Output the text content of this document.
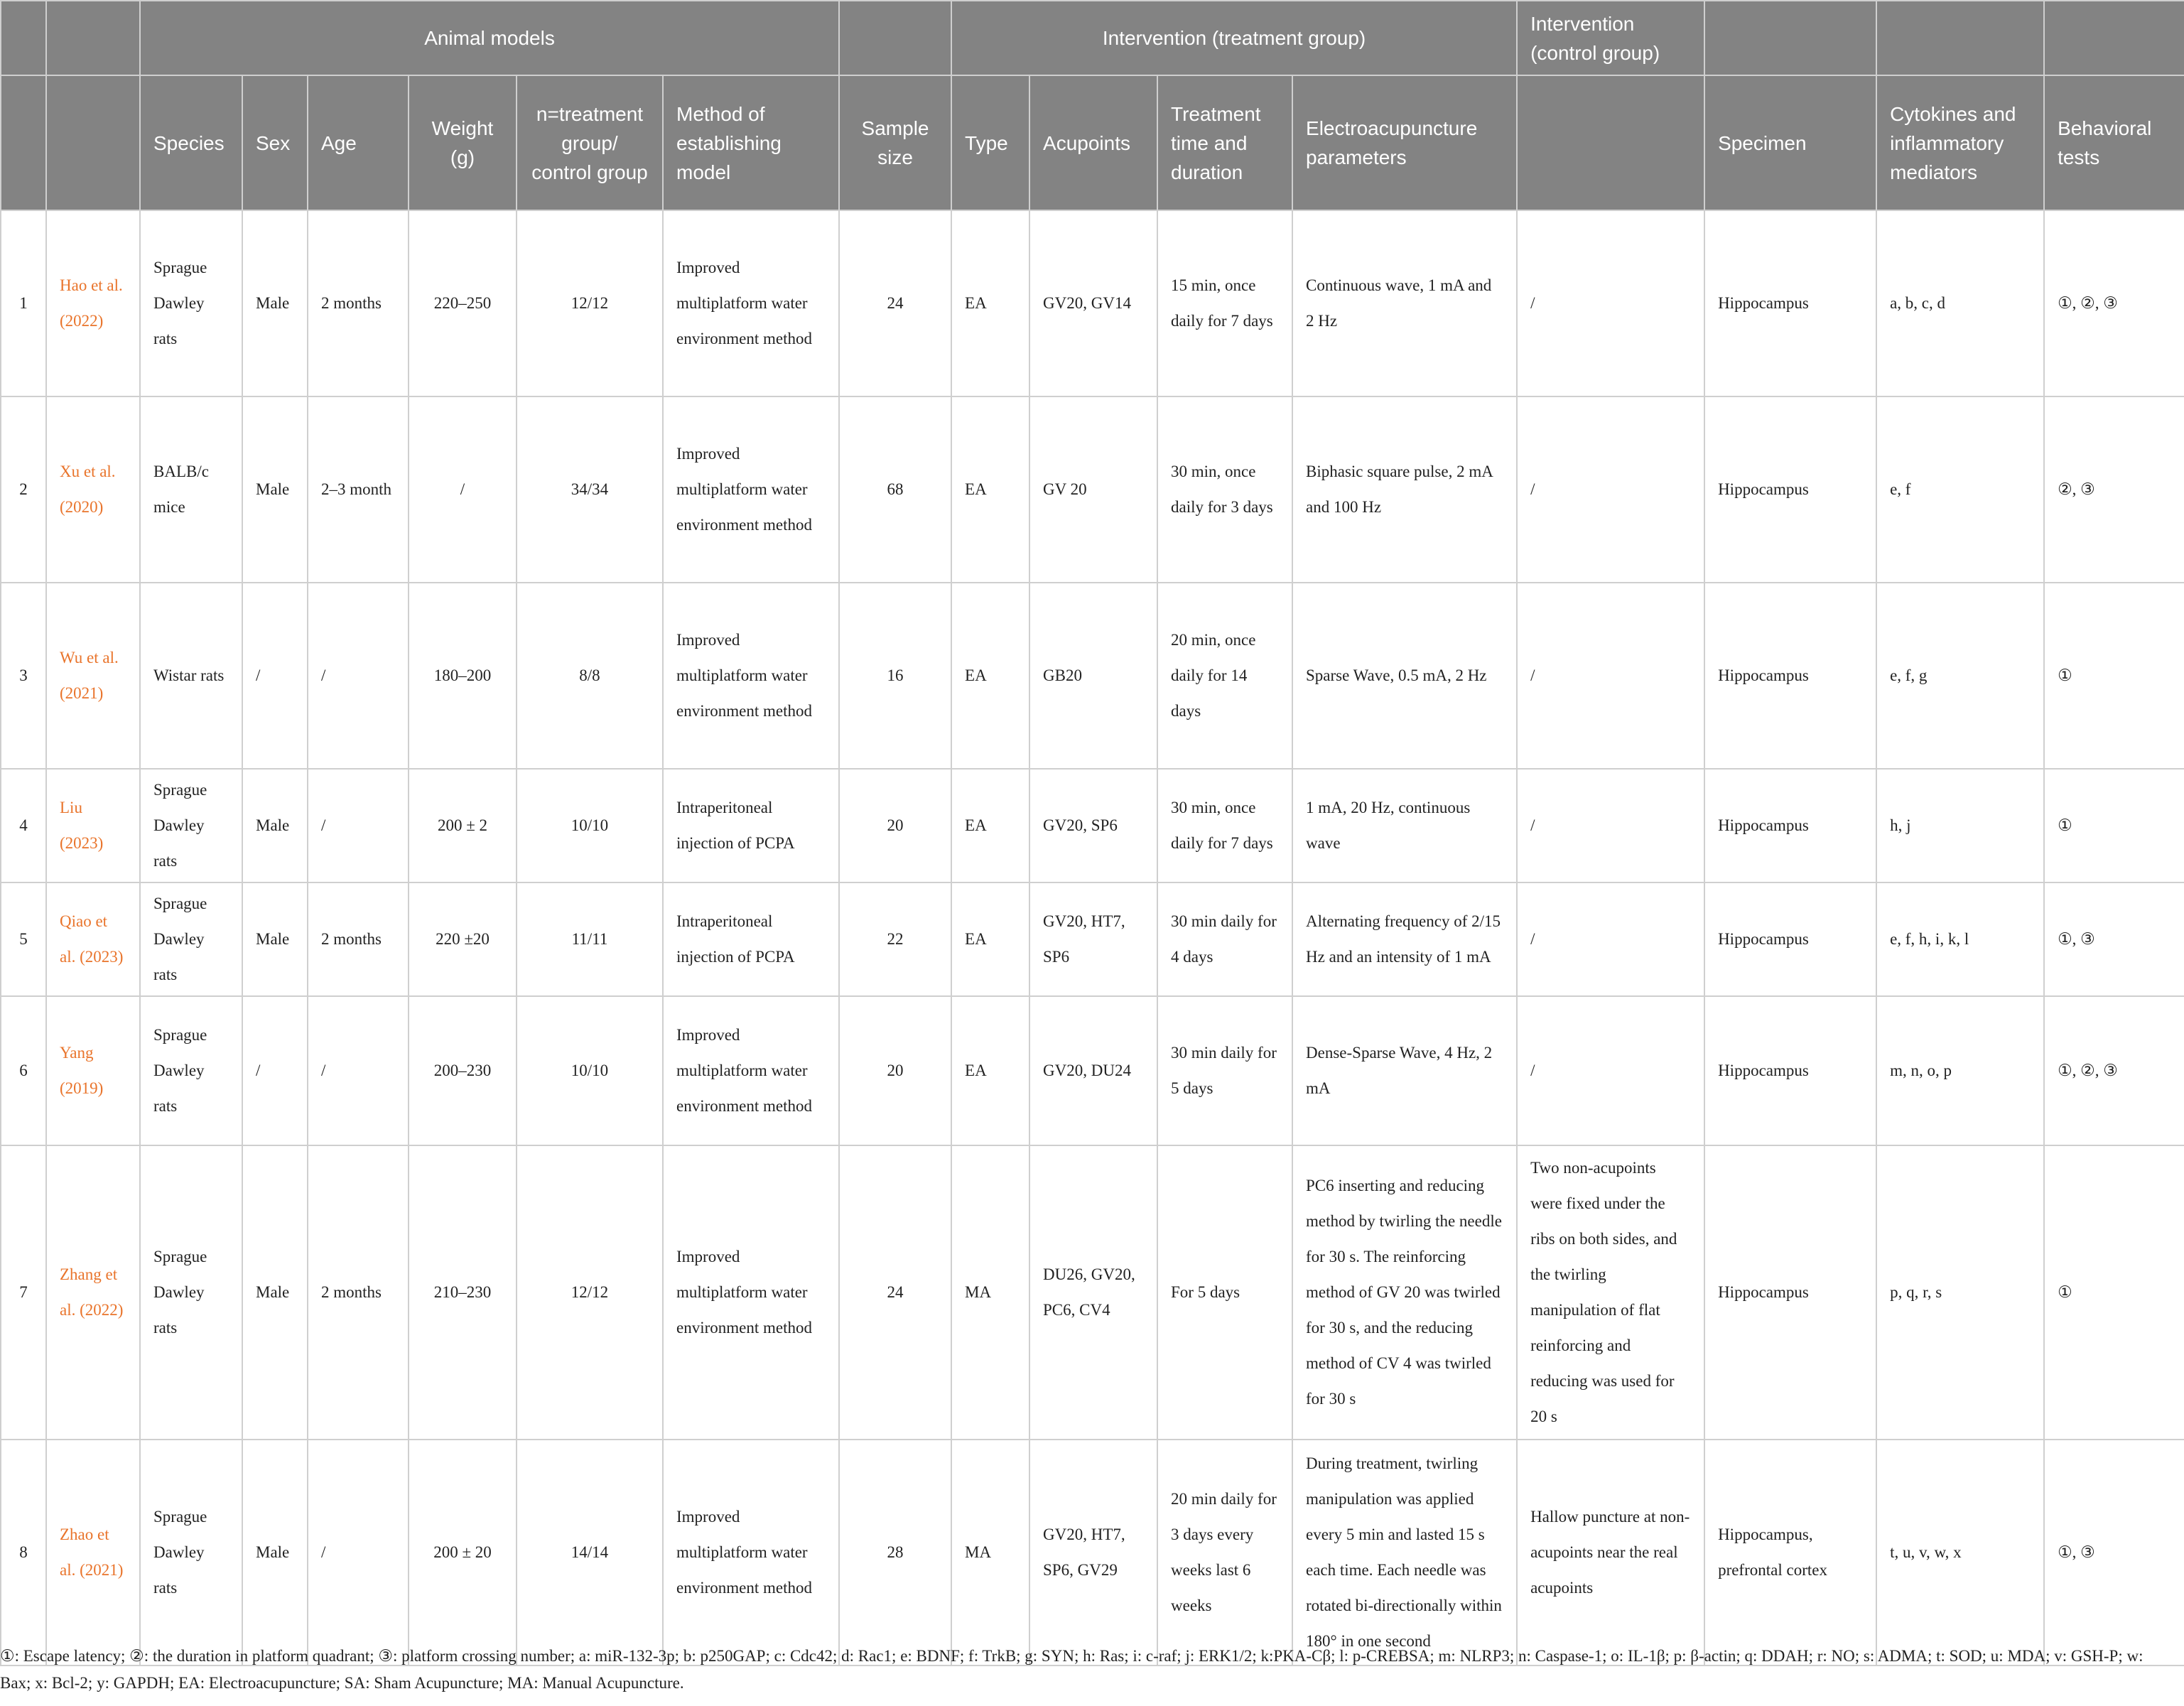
		Animal models							Intervention (treatment group)				Intervention (control group)			
		Species	Sex	Age	Weight (g)	n=treatment group/ control group	Method of establishing model	Sample size	Type	Acupoints	Treatment time and duration	Electroacupuncture parameters		Specimen	Cytokines and inflammatory mediators	Behavioral tests
1	Hao et al. (2022)	Sprague Dawley rats	Male	2 months	220–250	12/12	Improved multiplatform water environment method	24	EA	GV20, GV14	15 min, once daily for 7 days	Continuous wave, 1 mA and 2 Hz	/	Hippocampus	a, b, c, d	①, ②, ③
2	Xu et al. (2020)	BALB/c mice	Male	2–3 month	/	34/34	Improved multiplatform water environment method	68	EA	GV 20	30 min, once daily for 3 days	Biphasic square pulse, 2 mA and 100 Hz	/	Hippocampus	e, f	②, ③
3	Wu et al. (2021)	Wistar rats	/	/	180–200	8/8	Improved multiplatform water environment method	16	EA	GB20	20 min, once daily for 14 days	Sparse Wave, 0.5 mA, 2 Hz	/	Hippocampus	e, f, g	①
4	Liu (2023)	Sprague Dawley rats	Male	/	200 ± 2	10/10	Intraperitoneal injection of PCPA	20	EA	GV20, SP6	30 min, once daily for 7 days	1 mA, 20 Hz, continuous wave	/	Hippocampus	h, j	①
5	Qiao et al. (2023)	Sprague Dawley rats	Male	2 months	220 ±20	11/11	Intraperitoneal injection of PCPA	22	EA	GV20, HT7, SP6	30 min daily for 4 days	Alternating frequency of 2/15 Hz and an intensity of 1 mA	/	Hippocampus	e, f, h, i, k, l	①, ③
6	Yang (2019)	Sprague Dawley rats	/	/	200–230	10/10	Improved multiplatform water environment method	20	EA	GV20, DU24	30 min daily for 5 days	Dense-Sparse Wave, 4 Hz, 2 mA	/	Hippocampus	m, n, o, p	①, ②, ③
7	Zhang et al. (2022)	Sprague Dawley rats	Male	2 months	210–230	12/12	Improved multiplatform water environment method	24	MA	DU26, GV20, PC6, CV4	For 5 days	PC6 inserting and reducing method by twirling the needle for 30 s. The reinforcing method of GV 20 was twirled for 30 s, and the reducing method of CV 4 was twirled for 30 s	Two non-acupoints were fixed under the ribs on both sides, and the twirling manipulation of flat reinforcing and reducing was used for 20 s	Hippocampus	p, q, r, s	①
8	Zhao et al. (2021)	Sprague Dawley rats	Male	/	200 ± 20	14/14	Improved multiplatform water environment method	28	MA	GV20, HT7, SP6, GV29	20 min daily for 3 days every weeks last 6 weeks	During treatment, twirling manipulation was applied every 5 min and lasted 15 s each time. Each needle was rotated bi-directionally within 180° in one second	Hallow puncture at non-acupoints near the real acupoints	Hippocampus, prefrontal cortex	t, u, v, w, x	①, ③
①: Escape latency; ②: the duration in platform quadrant; ③: platform crossing number; a: miR-132-3p; b: p250GAP; c: Cdc42; d: Rac1; e: BDNF; f: TrkB; g: SYN; h: Ras; i: c-raf; j: ERK1/2; k:PKA-Cβ; l: p-CREBSA; m: NLRP3; n: Caspase-1; o: IL-1β; p: β-actin; q: DDAH; r: NO; s: ADMA; t: SOD; u: MDA; v: GSH-P; w: Bax; x: Bcl-2; y: GAPDH; EA: Electroacupuncture; SA: Sham Acupuncture; MA: Manual Acupuncture.
